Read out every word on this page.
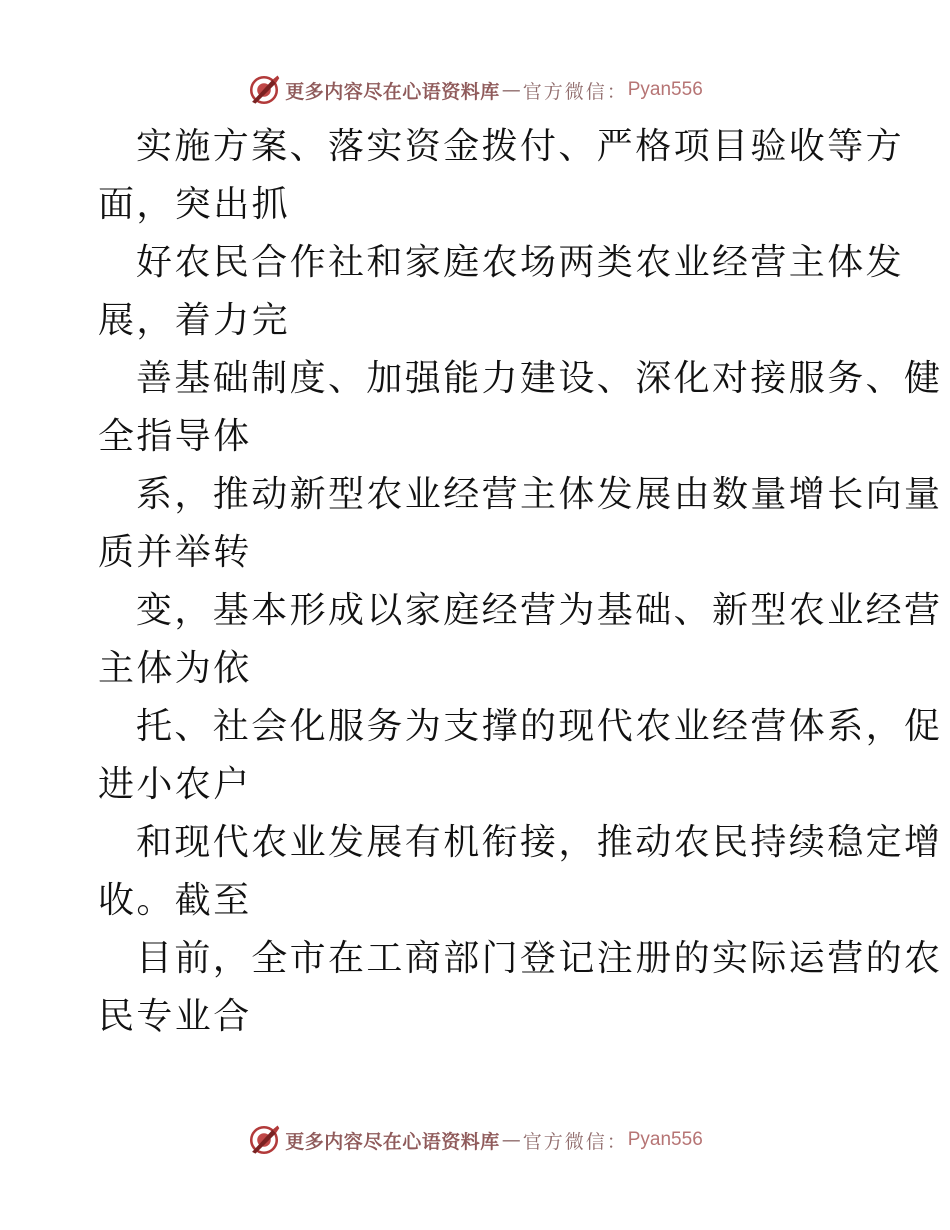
更多内容尽在心语资料库 — 官方微信： Pyan556
实施方案、落实资金拨付、严格项目验收等方
面，突出抓
好农民合作社和家庭农场两类农业经营主体发
展，着力完
善基础制度、加强能力建设、深化对接服务、健
全指导体
系，推动新型农业经营主体发展由数量增长向量
质并举转
变，基本形成以家庭经营为基础、新型农业经营
主体为依
托、社会化服务为支撑的现代农业经营体系，促
进小农户
和现代农业发展有机衔接，推动农民持续稳定增
收。截至
目前，全市在工商部门登记注册的实际运营的农
民专业合
更多内容尽在心语资料库 — 官方微信： Pyan556
